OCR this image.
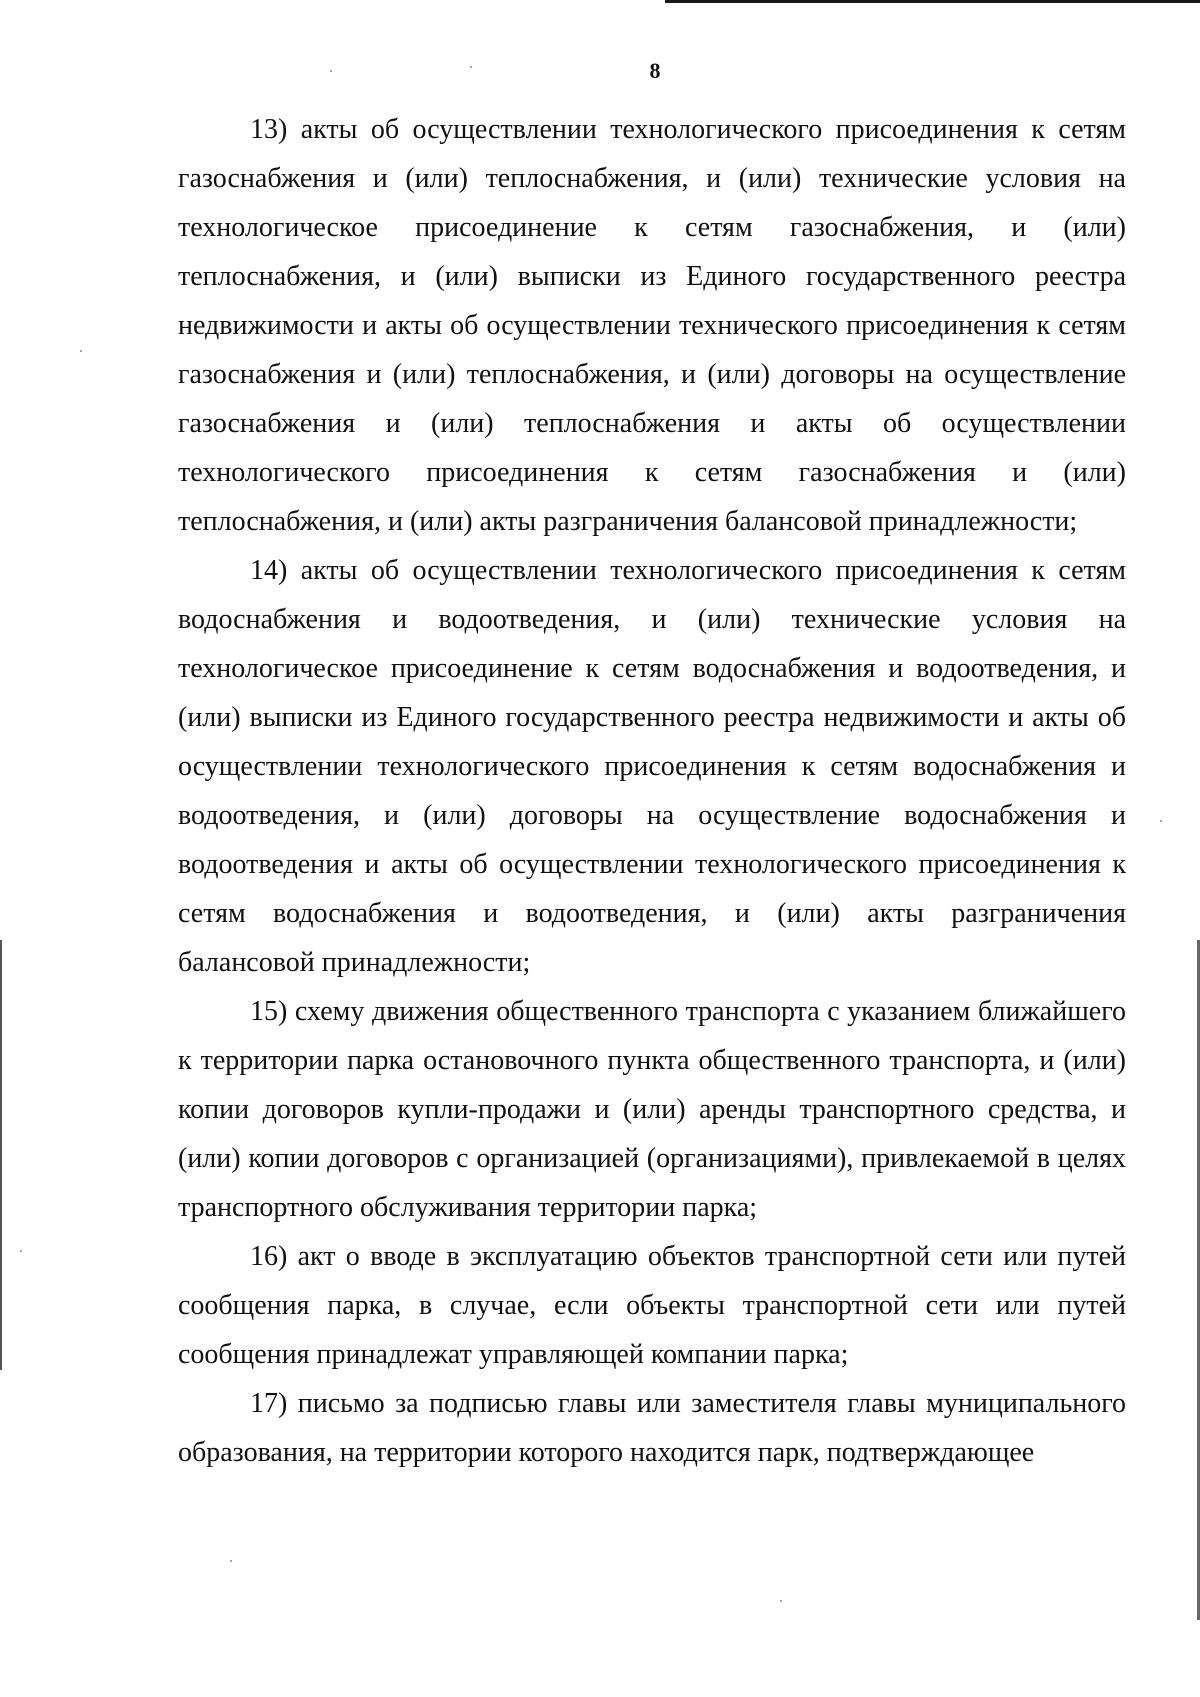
8

13) акты об осуществлении технологического присоединения к сетям газоснабжения и (или) теплоснабжения, и (или) технические условия на технологическое присоединение к сетям газоснабжения, и (или) теплоснабжения, и (или) выписки из Единого государственного реестра недвижимости и акты об осуществлении технического присоединения к сетям газоснабжения и (или) теплоснабжения, и (или) договоры на осуществление газоснабжения и (или) теплоснабжения и акты об осуществлении технологического присоединения к сетям газоснабжения и (или) теплоснабжения, и (или) акты разграничения балансовой принадлежности;

14) акты об осуществлении технологического присоединения к сетям водоснабжения и водоотведения, и (или) технические условия на технологическое присоединение к сетям водоснабжения и водоотведения, и (или) выписки из Единого государственного реестра недвижимости и акты об осуществлении технологического присоединения к сетям водоснабжения и водоотведения, и (или) договоры на осуществление водоснабжения и водоотведения и акты об осуществлении технологического присоединения к сетям водоснабжения и водоотведения, и (или) акты разграничения балансовой принадлежности;

15) схему движения общественного транспорта с указанием ближайшего к территории парка остановочного пункта общественного транспорта, и (или) копии договоров купли-продажи и (или) аренды транспортного средства, и (или) копии договоров с организацией (организациями), привлекаемой в целях транспортного обслуживания территории парка;

16) акт о вводе в эксплуатацию объектов транспортной сети или путей сообщения парка, в случае, если объекты транспортной сети или путей сообщения принадлежат управляющей компании парка;

17) письмо за подписью главы или заместителя главы муниципального образования, на территории которого находится парк, подтверждающее
